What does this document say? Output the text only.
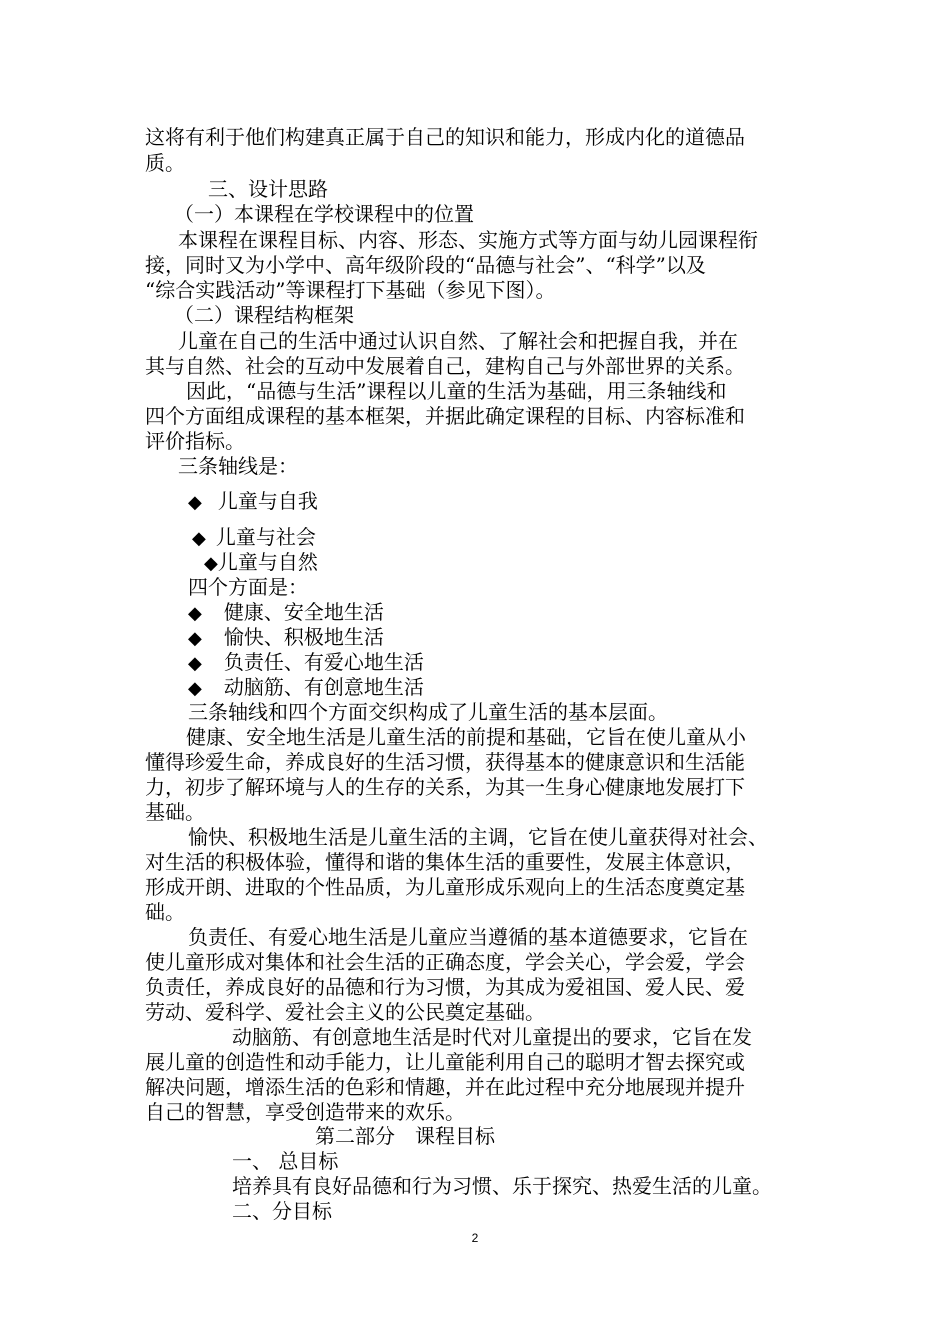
这将有利于他们构建真正属于自己的知识和能力，形成内化的道德品
质。
三、设计思路
（一）本课程在学校课程中的位置
本课程在课程目标、内容、形态、实施方式等方面与幼儿园课程衔
接，同时又为小学中、高年级阶段的“品德与社会”、“科学”以及
“综合实践活动”等课程打下基础（参见下图）。
（二）课程结构框架
儿童在自己的生活中通过认识自然、了解社会和把握自我，并在
其与自然、社会的互动中发展着自己，建构自己与外部世界的关系。
因此，“品德与生活”课程以儿童的生活为基础，用三条轴线和
四个方面组成课程的基本框架，并据此确定课程的目标、内容标准和
评价指标。
三条轴线是：
◆ 儿童与自我
◆ 儿童与社会
◆儿童与自然
四个方面是：
◆ 健康、安全地生活
◆ 愉快、积极地生活
◆ 负责任、有爱心地生活
◆ 动脑筋、有创意地生活
三条轴线和四个方面交织构成了儿童生活的基本层面。
健康、安全地生活是儿童生活的前提和基础，它旨在使儿童从小
懂得珍爱生命，养成良好的生活习惯，获得基本的健康意识和生活能
力，初步了解环境与人的生存的关系，为其一生身心健康地发展打下
基础。
愉快、积极地生活是儿童生活的主调，它旨在使儿童获得对社会、
对生活的积极体验，懂得和谐的集体生活的重要性，发展主体意识，
形成开朗、进取的个性品质，为儿童形成乐观向上的生活态度奠定基
础。
负责任、有爱心地生活是儿童应当遵循的基本道德要求，它旨在
使儿童形成对集体和社会生活的正确态度，学会关心，学会爱，学会
负责任，养成良好的品德和行为习惯，为其成为爱祖国、爱人民、爱
劳动、爱科学、爱社会主义的公民奠定基础。
动脑筋、有创意地生活是时代对儿童提出的要求，它旨在发
展儿童的创造性和动手能力，让儿童能利用自己的聪明才智去探究或
解决问题，增添生活的色彩和情趣，并在此过程中充分地展现并提升
自己的智慧，享受创造带来的欢乐。
第二部分　课程目标
一、 总目标
培养具有良好品德和行为习惯、乐于探究、热爱生活的儿童。
二、分目标
2
